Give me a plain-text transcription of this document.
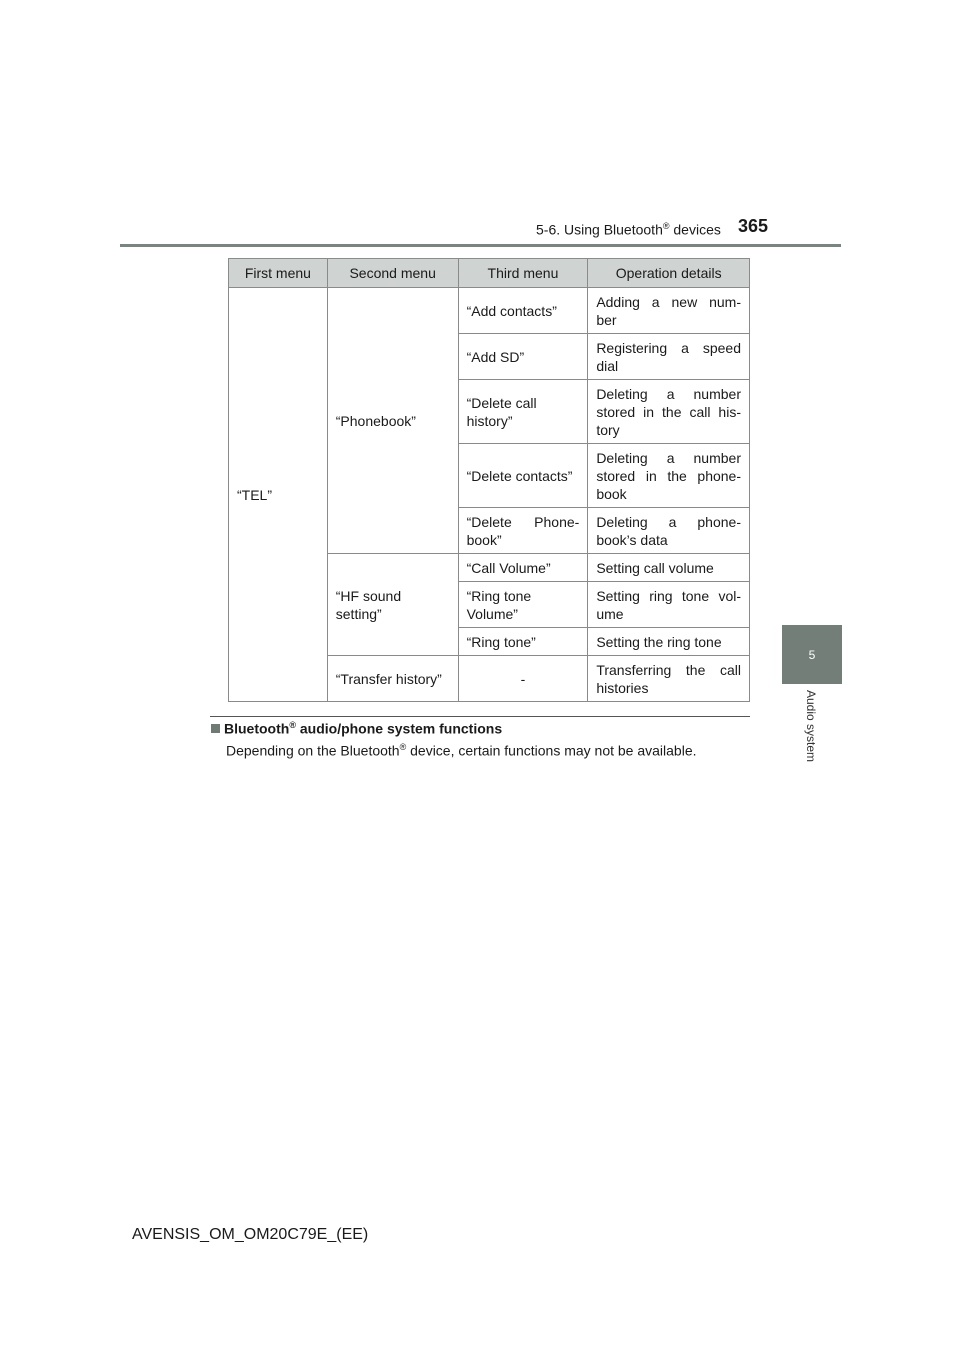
5-6. Using Bluetooth® devices 365
5
Audio system
First menu	Second menu	Third menu	Operation details
“TEL”	“Phonebook”	“Add contacts”	Adding a new num- ber
		“Add SD”	Registering a speed dial
		“Delete call history”	Deleting a number stored in the call his- tory
		“Delete contacts”	Deleting a number stored in the phone- book
		“Delete Phone- book”	Deleting a phone- book’s data
	“HF sound setting”	“Call Volume”	Setting call volume
		“Ring tone Volume”	Setting ring tone vol- ume
		“Ring tone”	Setting the ring tone
	“Transfer history”	-	Transferring the call histories
Bluetooth® audio/phone system functions
Depending on the Bluetooth® device, certain functions may not be available.
AVENSIS_OM_OM20C79E_(EE)
